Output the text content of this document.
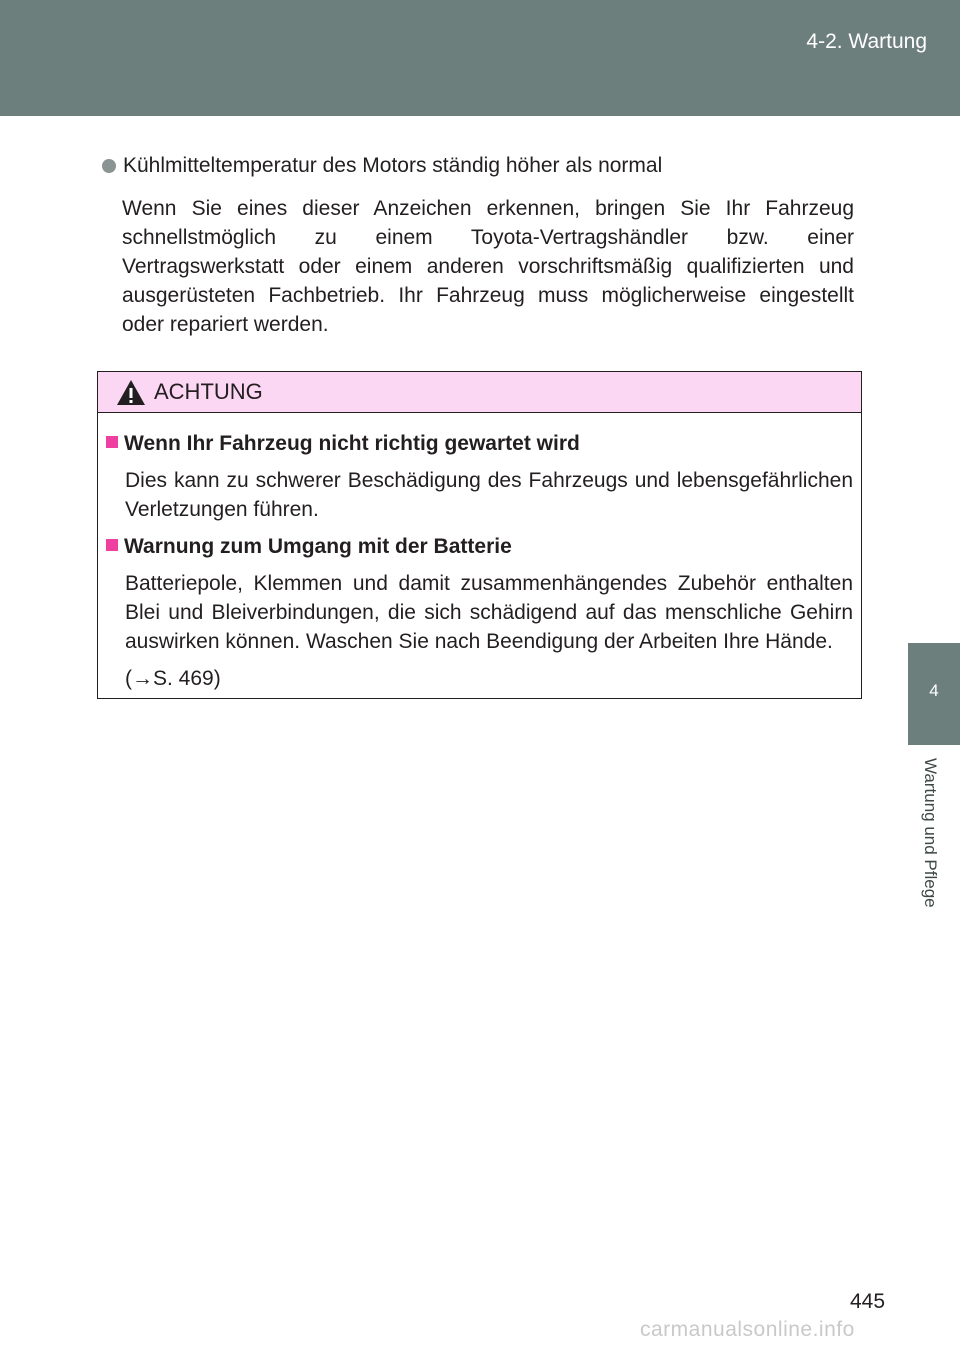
4-2. Wartung
4
Wartung und Pflege
Kühlmitteltemperatur des Motors ständig höher als normal

Wenn Sie eines dieser Anzeichen erkennen, bringen Sie Ihr Fahrzeug schnellstmöglich zu einem Toyota-Vertragshändler bzw. einer Vertragswerkstatt oder einem anderen vorschriftsmäßig qualifizierten und ausgerüsteten Fachbetrieb. Ihr Fahrzeug muss möglicherweise eingestellt oder repariert werden.

ACHTUNG
Wenn Ihr Fahrzeug nicht richtig gewartet wird

Dies kann zu schwerer Beschädigung des Fahrzeugs und lebensgefährlichen Verletzungen führen.

Warnung zum Umgang mit der Batterie

Batteriepole, Klemmen und damit zusammenhängendes Zubehör enthalten Blei und Bleiverbindungen, die sich schädigend auf das menschliche Gehirn auswirken können. Waschen Sie nach Beendigung der Arbeiten Ihre Hände.

(→S. 469)

445
carmanualsonline.info
